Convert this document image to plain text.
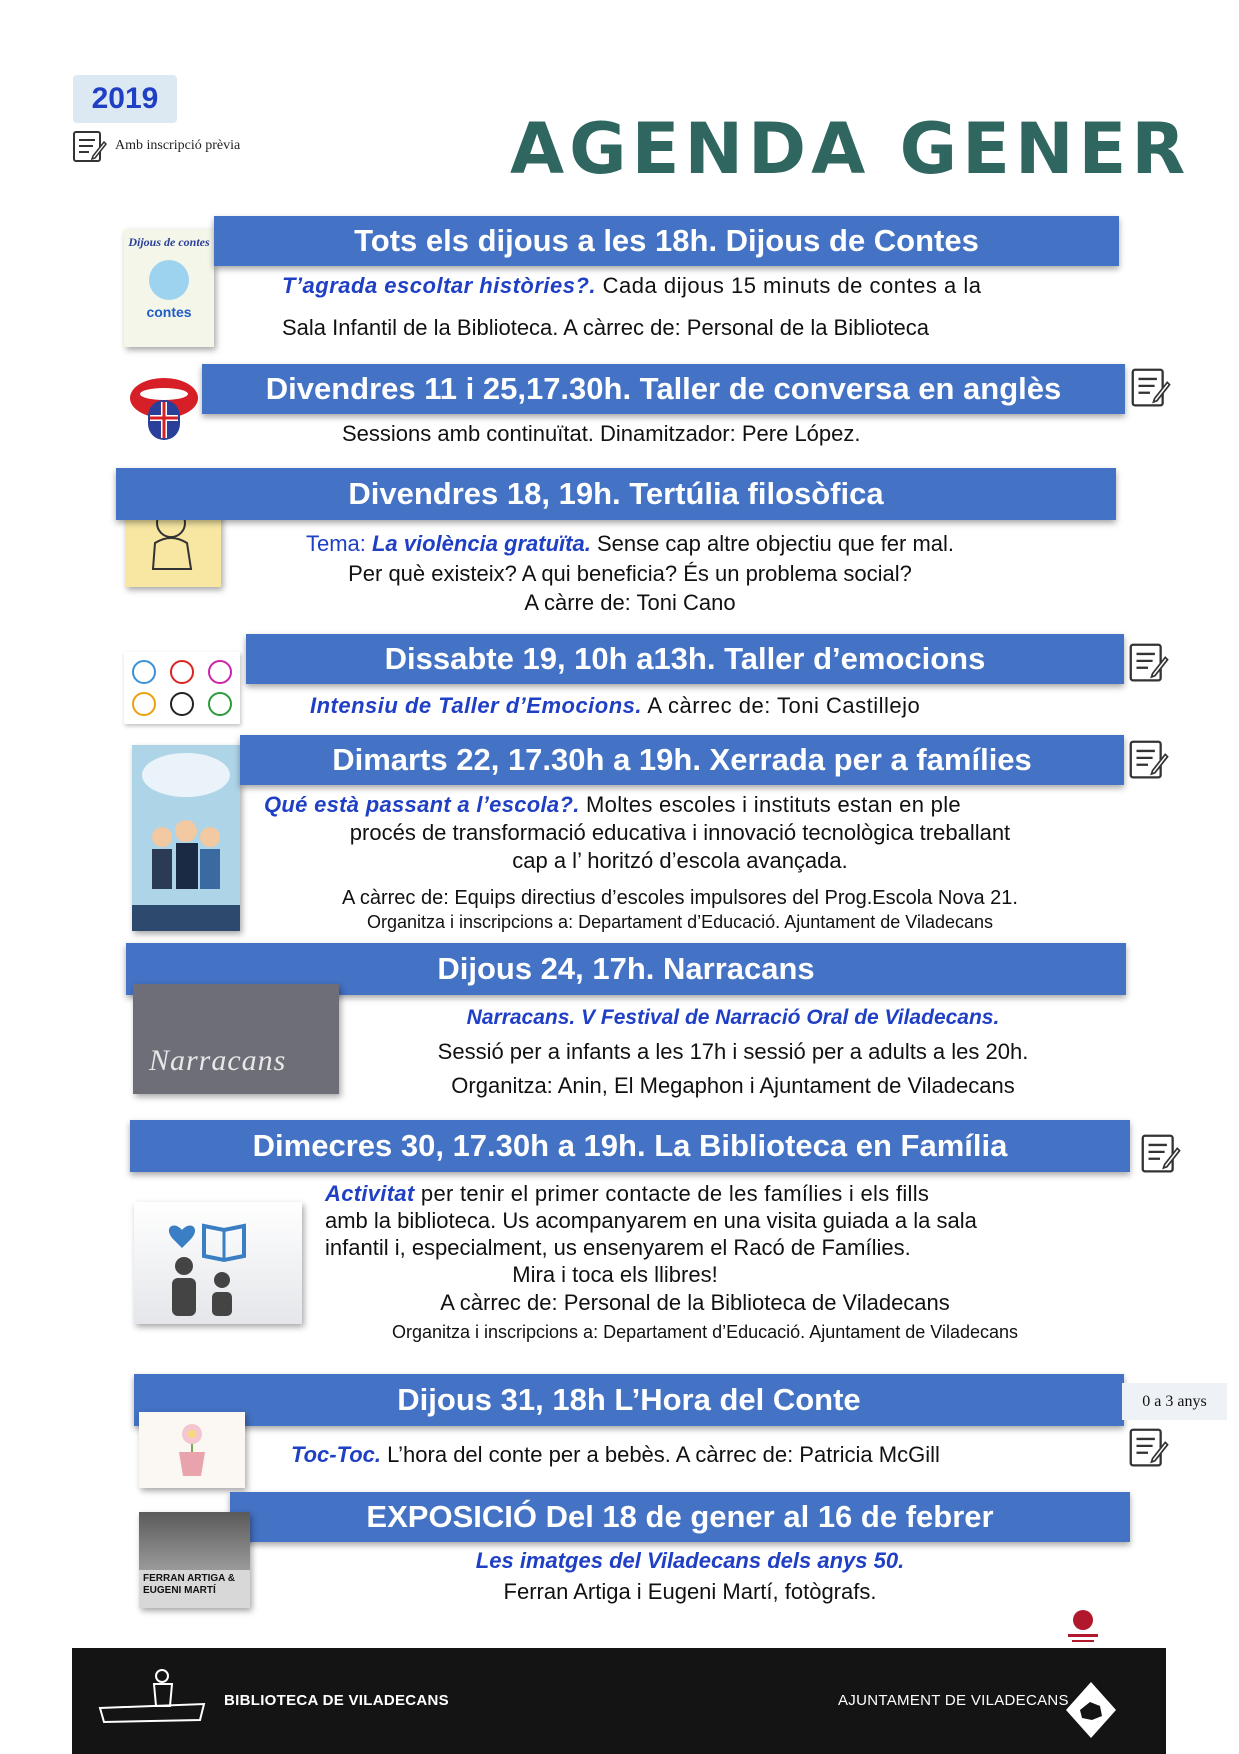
2019
Amb inscripció prèvia	AGENDA GENER
Dijous de contes
contes
Tots els dijous a les 18h. Dijous de Contes
T’agrada escoltar històries?. Cada dijous 15 minuts de contes a la
Sala Infantil de la Biblioteca. A càrrec de: Personal de la Biblioteca
Divendres 11 i 25,17.30h. Taller de conversa en anglès
Sessions amb continuïtat. Dinamitzador: Pere López.
Divendres 18, 19h. Tertúlia filosòfica
Tema: La violència gratuïta. Sense cap altre objectiu que fer mal.
Per què existeix? A qui beneficia? És un problema social?
A càrre de: Toni Cano
Dissabte 19, 10h a13h. Taller d’emocions
Intensiu de Taller d’Emocions. A càrrec de: Toni Castillejo
Dimarts 22, 17.30h a 19h. Xerrada per a famílies
Qué està passant a l’escola?. Moltes escoles i instituts estan en ple
procés de transformació educativa i innovació tecnològica treballant
cap a l’ horitzó d’escola avançada.
A càrrec de: Equips directius d’escoles impulsores del Prog.Escola Nova 21.
Organitza i inscripcions a: Departament d’Educació. Ajuntament de Viladecans
Dijous 24, 17h. Narracans
Narracans
Narracans. V Festival de Narració Oral de Viladecans.
Sessió per a infants a les 17h i sessió per a adults a les 20h.
Organitza: Anin, El Megaphon i Ajuntament de Viladecans
Dimecres 30, 17.30h a 19h. La Biblioteca en Família
Activitat per tenir el primer contacte de les famílies i els fills
amb la biblioteca. Us acompanyarem en una visita guiada a la sala
infantil i, especialment, us ensenyarem el Racó de Famílies.
Mira i toca els llibres!
A càrrec de: Personal de la Biblioteca de Viladecans
Organitza i inscripcions a: Departament d’Educació. Ajuntament de Viladecans
Dijous 31, 18h L’Hora del Conte	0 a 3 anys
Toc-Toc. L’hora del conte per a bebès. A càrrec de: Patricia McGill
EXPOSICIÓ Del 18 de gener al 16 de febrer
FERRAN ARTIGA & EUGENI MARTÍ
Les imatges del Viladecans dels anys 50.
Ferran Artiga i Eugeni Martí, fotògrafs.
BIBLIOTECA DE VILADECANS	AJUNTAMENT DE VILADECANS
